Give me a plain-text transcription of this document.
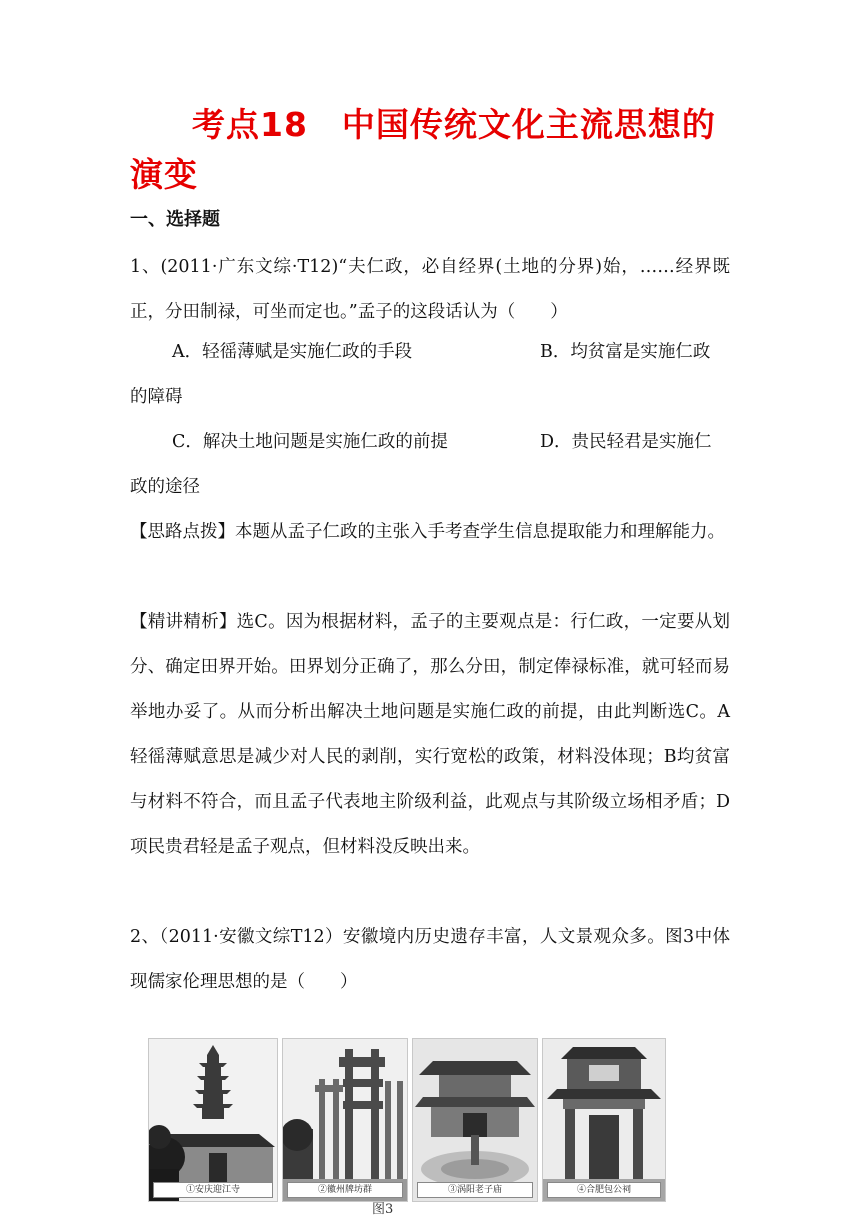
考点18　中国传统文化主流思想的演变
一、选择题
1、(2011·广东文综·T12)“夫仁政，必自经界(土地的分界)始，……经界既正，分田制禄，可坐而定也。”孟子的这段话认为（　　）
A．轻徭薄赋是实施仁政的手段	B．均贫富是实施仁政
的障碍
C．解决土地问题是实施仁政的前提	D．贵民轻君是实施仁
政的途径
【思路点拨】本题从孟子仁政的主张入手考查学生信息提取能力和理解能力。
【精讲精析】选C。因为根据材料，孟子的主要观点是：行仁政，一定要从划分、确定田界开始。田界划分正确了，那么分田，制定俸禄标准，就可轻而易举地办妥了。从而分析出解决土地问题是实施仁政的前提，由此判断选C。A轻徭薄赋意思是减少对人民的剥削，实行宽松的政策，材料没体现；B均贫富与材料不符合，而且孟子代表地主阶级利益，此观点与其阶级立场相矛盾；D项民贵君轻是孟子观点，但材料没反映出来。
2、（2011·安徽文综T12）安徽境内历史遗存丰富，人文景观众多。图3中体现儒家伦理思想的是（　　）
①安庆迎江寺	②徽州牌坊群	③涡阳老子庙	④合肥包公祠
图3
